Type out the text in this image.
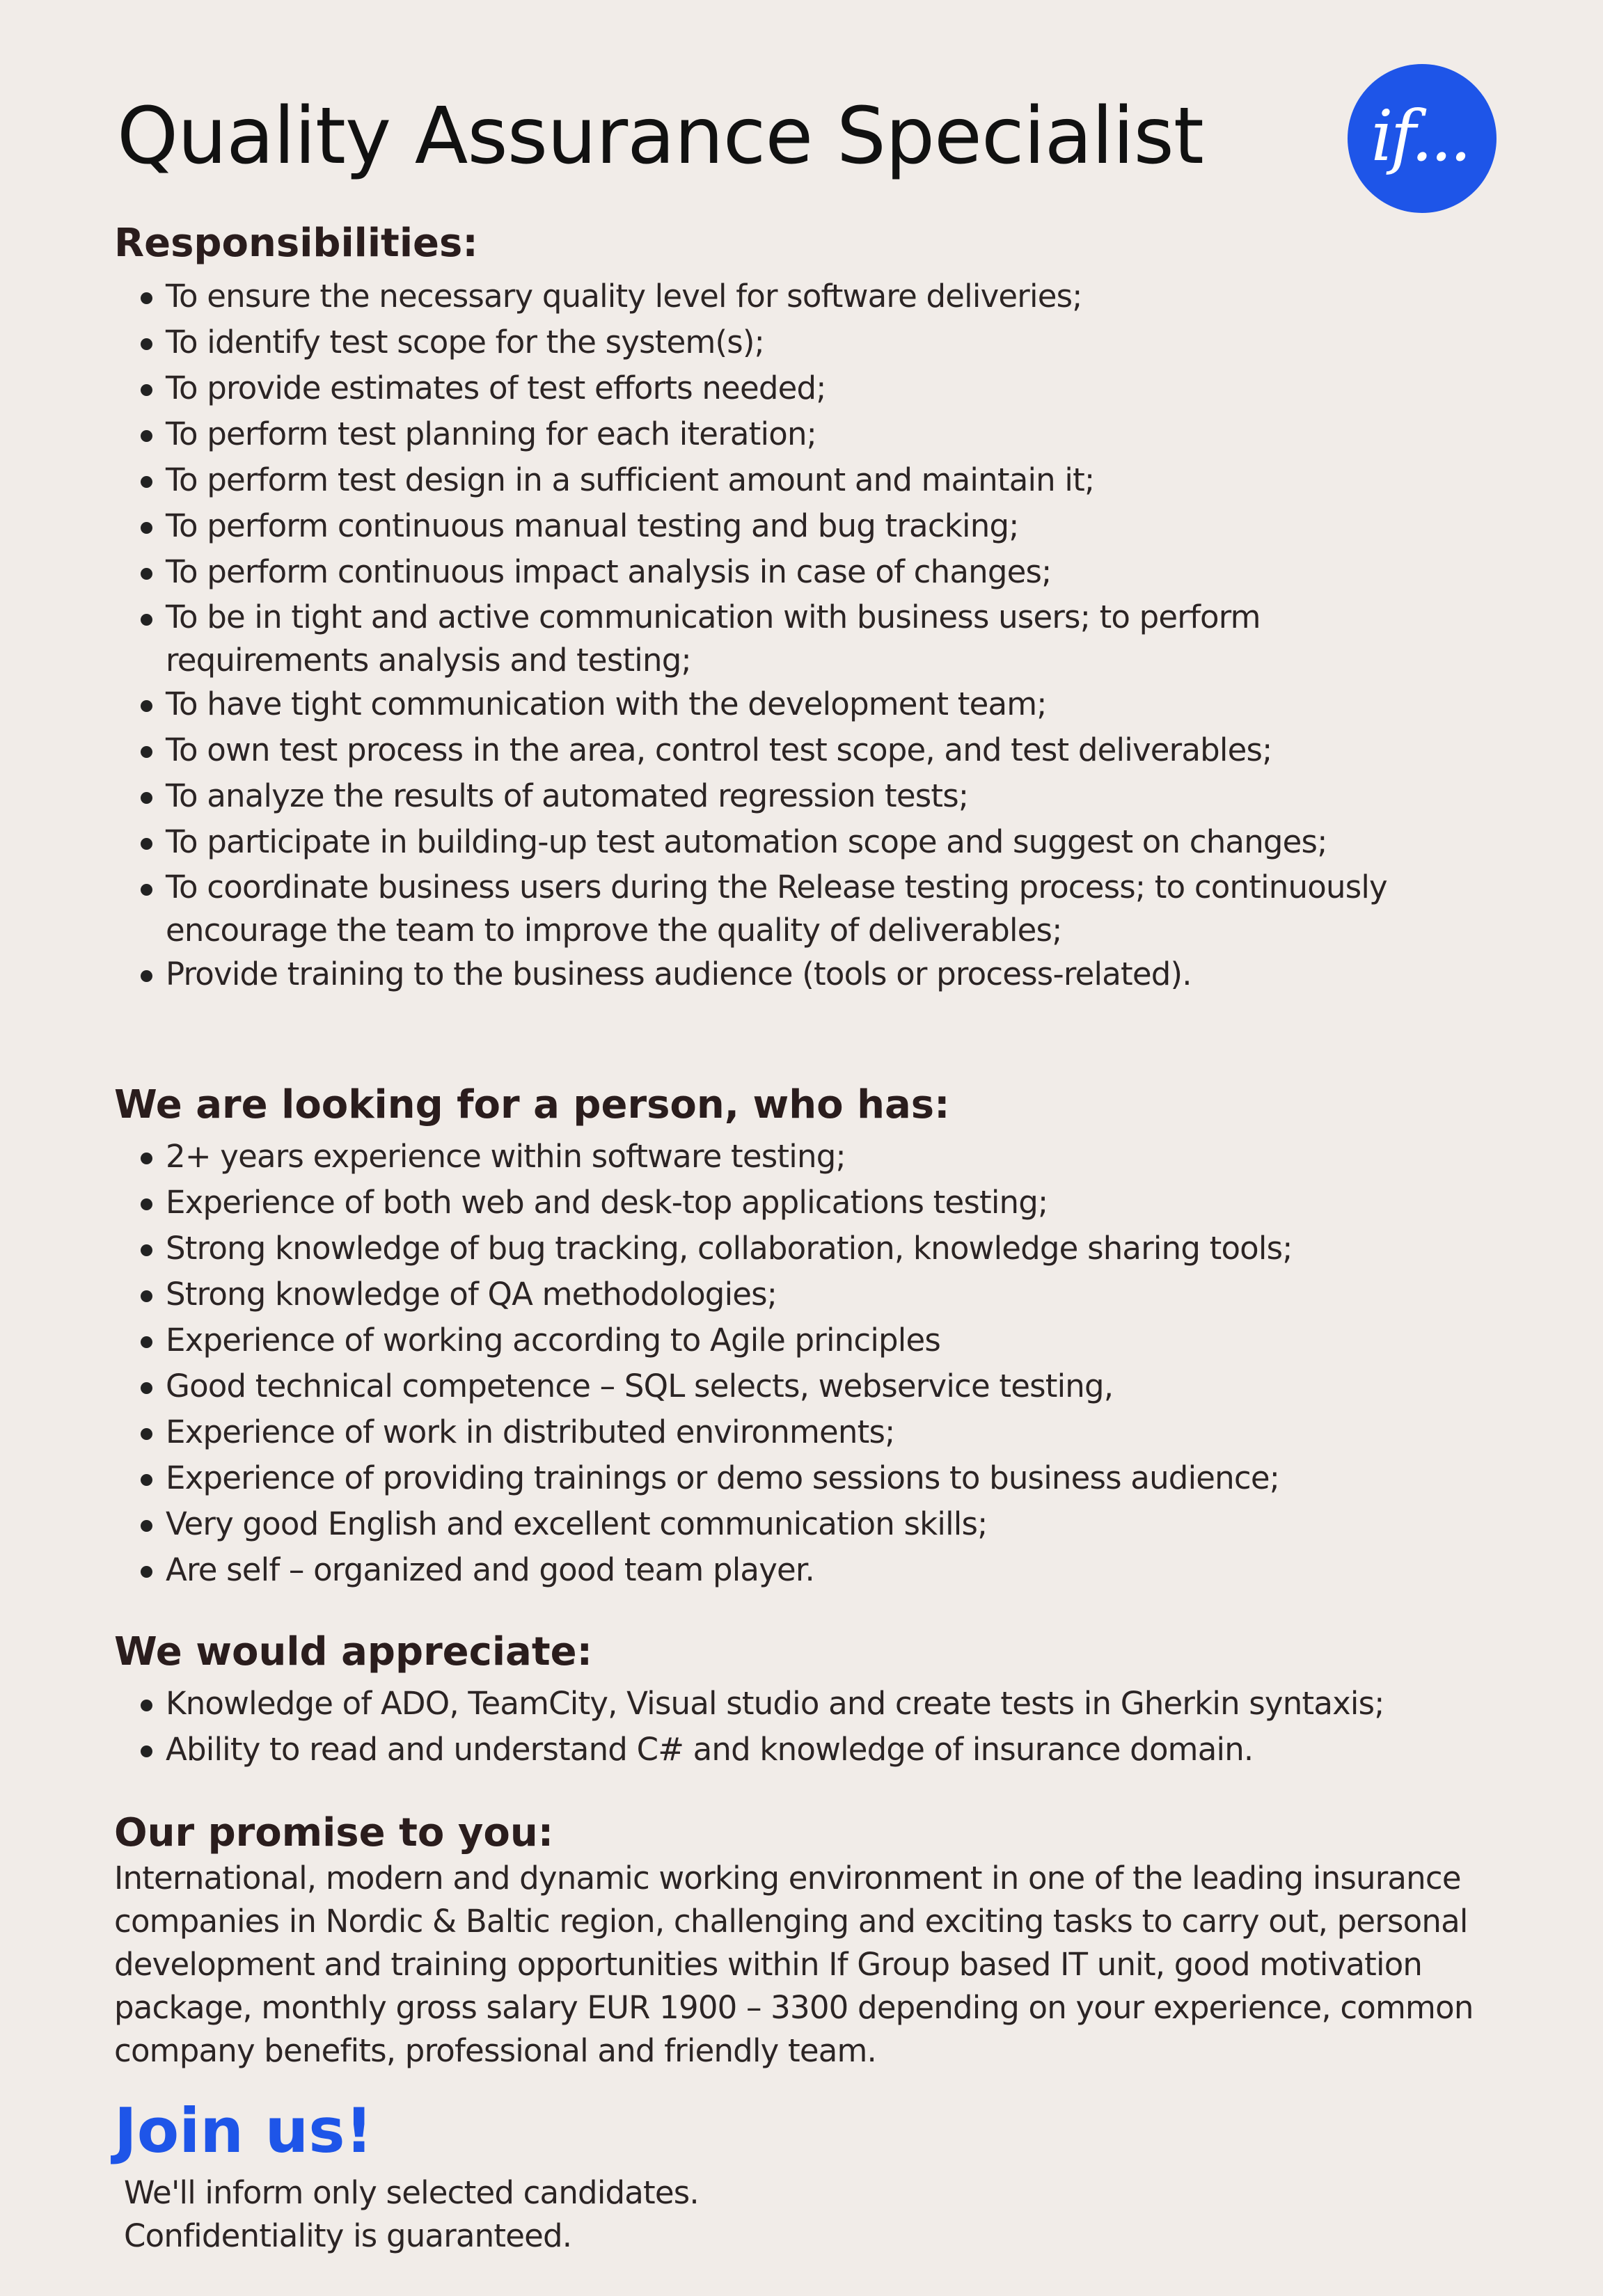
Quality Assurance Specialist if...
Responsibilities:
To ensure the necessary quality level for software deliveries;
To identify test scope for the system(s);
To provide estimates of test efforts needed;
To perform test planning for each iteration;
To perform test design in a sufficient amount and maintain it;
To perform continuous manual testing and bug tracking;
To perform continuous impact analysis in case of changes;
To be in tight and active communication with business users; to perform requirements analysis and testing;
To have tight communication with the development team;
To own test process in the area, control test scope, and test deliverables;
To analyze the results of automated regression tests;
To participate in building-up test automation scope and suggest on changes;
To coordinate business users during the Release testing process; to continuously encourage the team to improve the quality of deliverables;
Provide training to the business audience (tools or process-related).
We are looking for a person, who has:
2+ years experience within software testing;
Experience of both web and desk-top applications testing;
Strong knowledge of bug tracking, collaboration, knowledge sharing tools;
Strong knowledge of QA methodologies;
Experience of working according to Agile principles
Good technical competence – SQL selects, webservice testing,
Experience of work in distributed environments;
Experience of providing trainings or demo sessions to business audience;
Very good English and excellent communication skills;
Are self – organized and good team player.
We would appreciate:
Knowledge of ADO, TeamCity, Visual studio and create tests in Gherkin syntaxis;
Ability to read and understand C# and knowledge of insurance domain.
Our promise to you:

International, modern and dynamic working environment in one of the leading insurance companies in Nordic & Baltic region, challenging and exciting tasks to carry out, personal development and training opportunities within If Group based IT unit, good motivation package, monthly gross salary EUR 1900 – 3300 depending on your experience, common company benefits, professional and friendly team.

Join us!

We'll inform only selected candidates.

Confidentiality is guaranteed.
